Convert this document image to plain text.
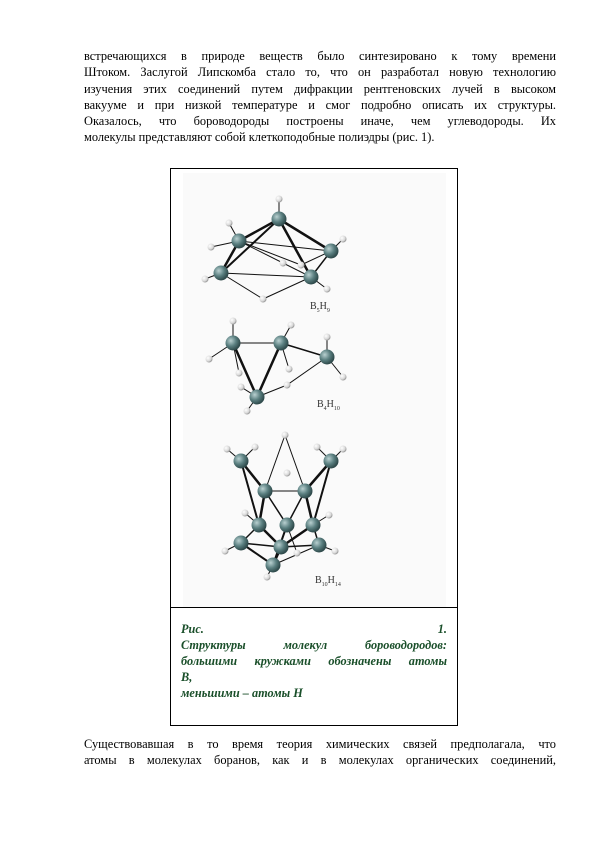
встречающихся в природе веществ было синтезировано к тому времени
Штоком. Заслугой Липскомба стало то, что он разработал новую технологию
изучения этих соединений путем дифракции рентгеновских лучей в высоком
вакууме и при низкой температуре и смог подробно описать их структуры.
Оказалось, что бороводороды построены иначе, чем углеводороды. Их
молекулы представляют собой клеткоподобные полиэдры (рис. 1).
$B_5H_9$
$B_4H_{10}$
$B_{10}H_{14}$
Рис.	1.
Структуры молекул бороводородов:
большими кружками обозначены атомы
B,
меньшими – атомы H
Существовавшая в то время теория химических связей предполагала, что
атомы в молекулах боранов, как и в молекулах органических соединений,
